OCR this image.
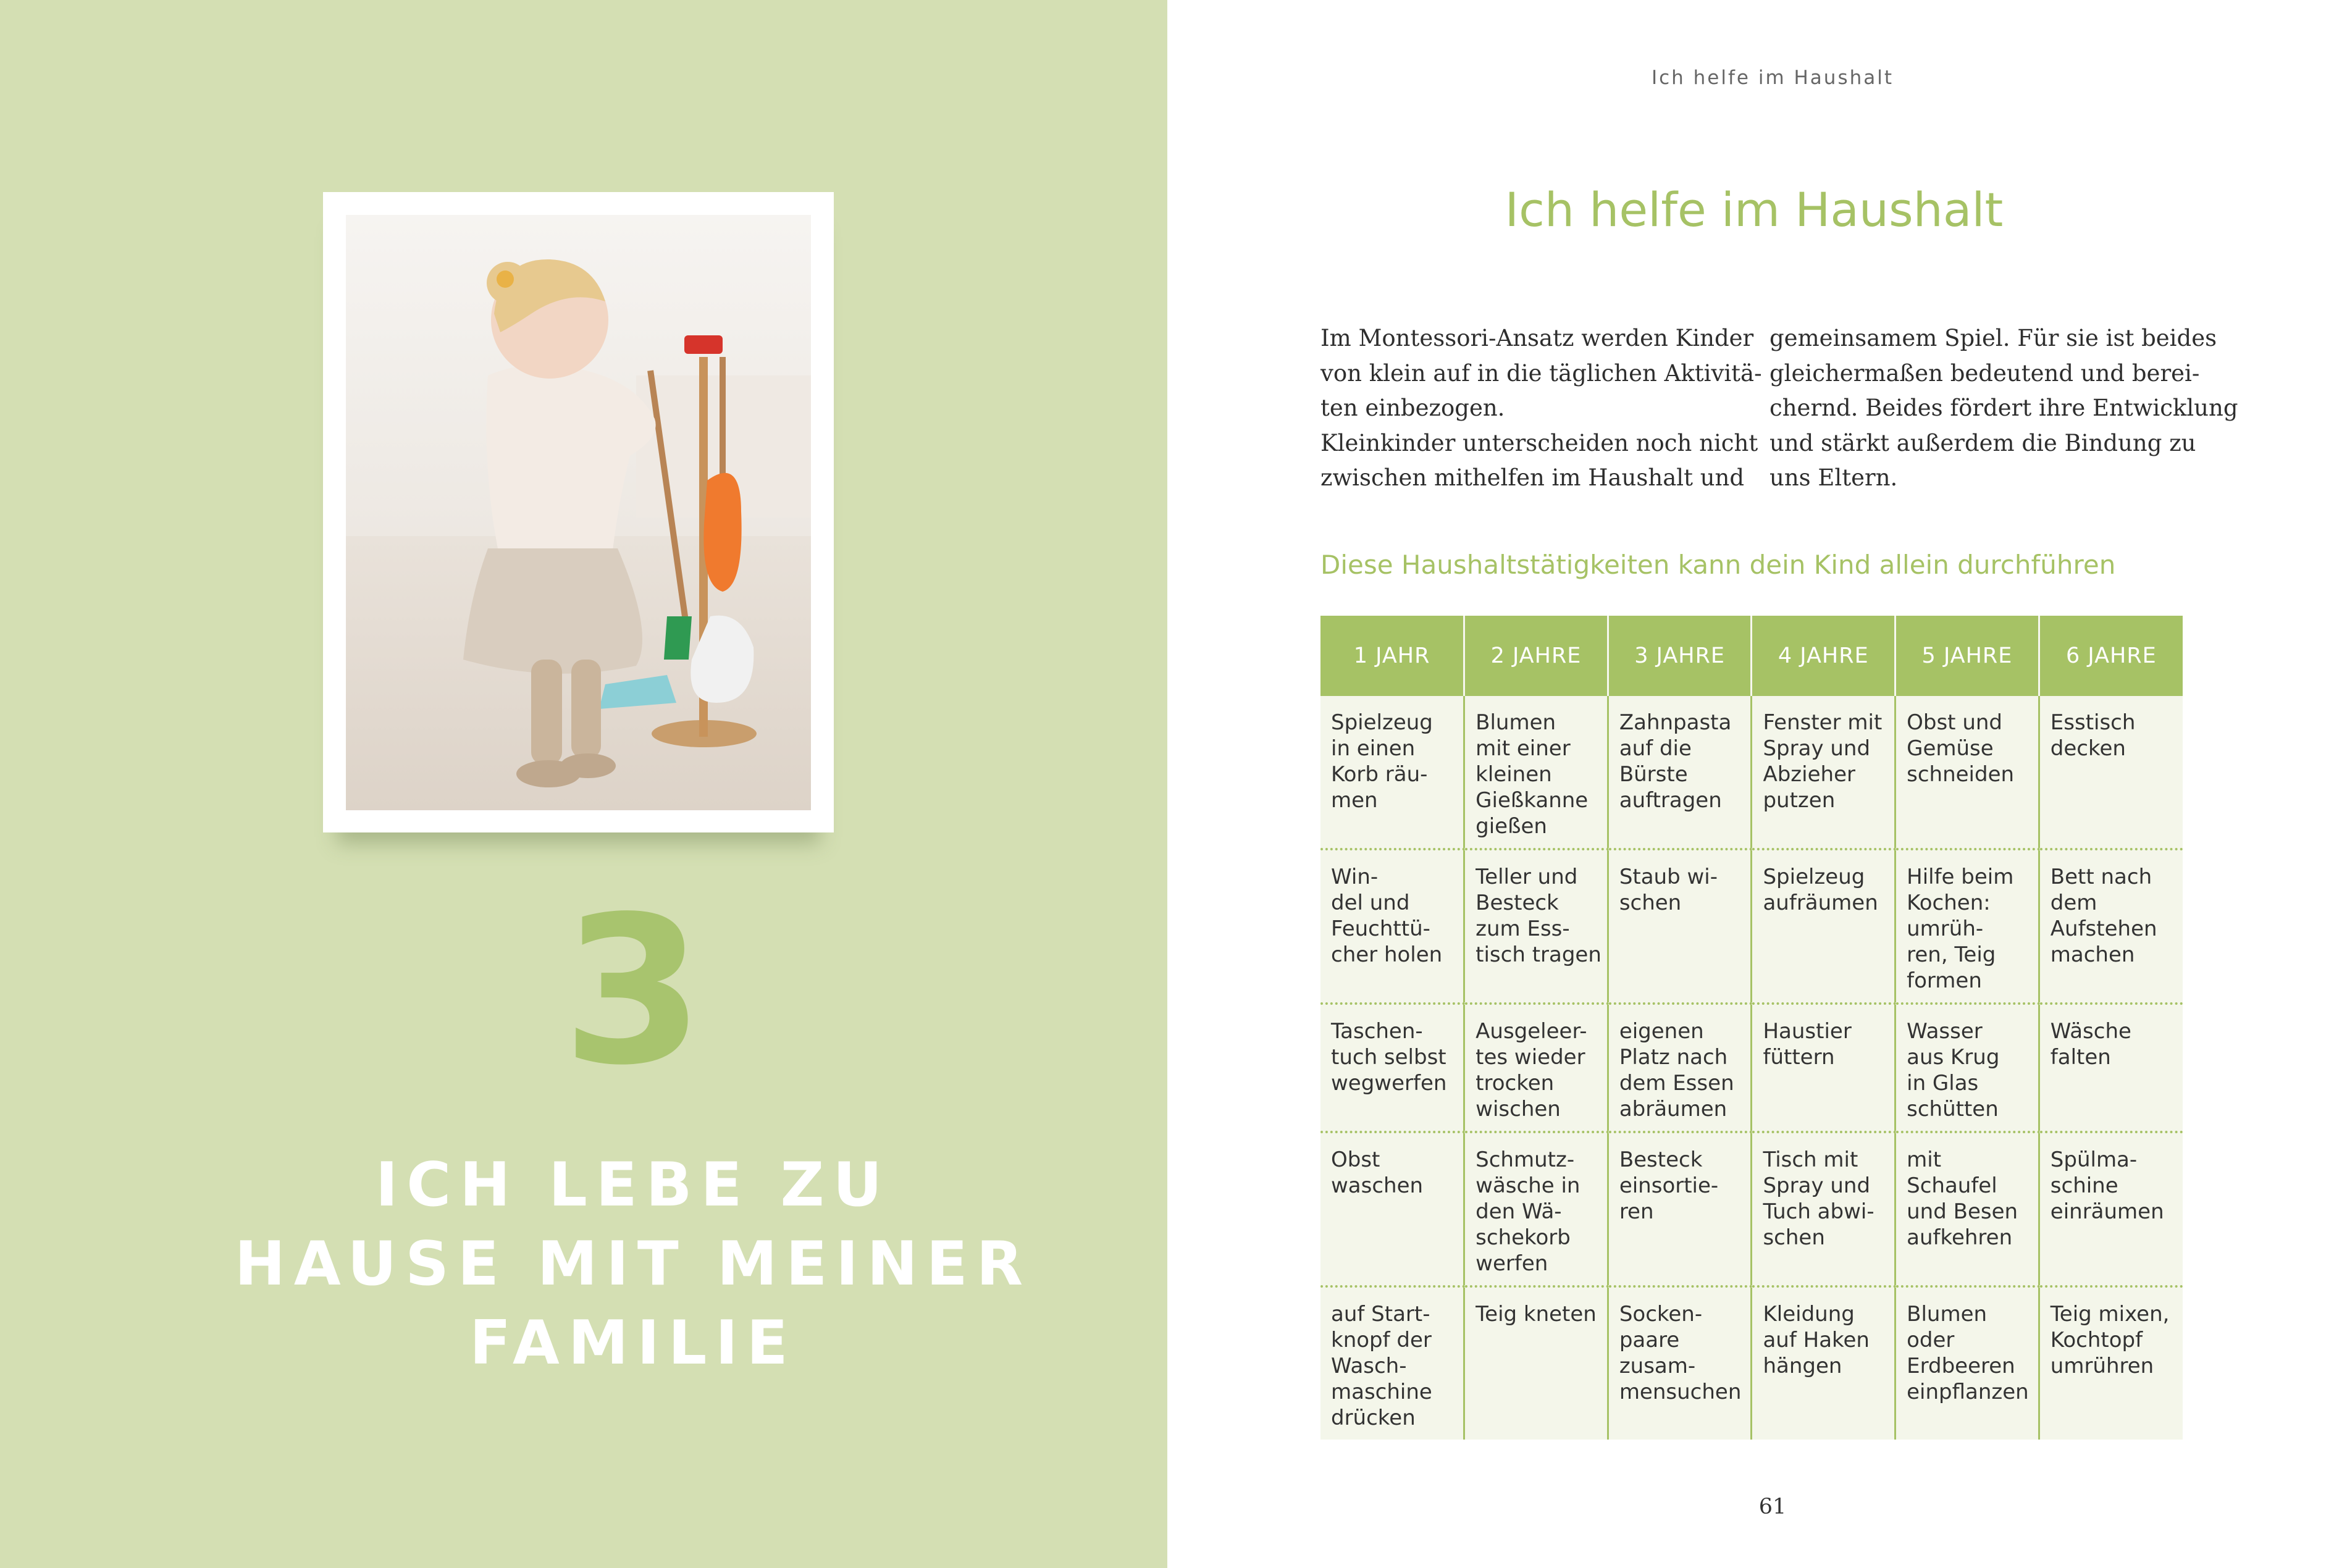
3
ICH LEBE ZU
HAUSE MIT MEINER
FAMILIE
Ich helfe im Haushalt
Ich helfe im Haushalt
Im Montessori-Ansatz werden Kinder
von klein auf in die täglichen Aktivitä-
ten einbezogen.
Kleinkinder unterscheiden noch nicht
zwischen mithelfen im Haushalt und
gemeinsamem Spiel. Für sie ist beides
gleichermaßen bedeutend und berei-
chernd. Beides fördert ihre Entwicklung
und stärkt außerdem die Bindung zu
uns Eltern.
Diese Haushaltstätigkeiten kann dein Kind allein durchführen
1 JAHR	2 JAHRE	3 JAHRE	4 JAHRE	5 JAHRE	6 JAHRE

Spielzeug
in einen
Korb räu-
men	Blumen
mit einer
kleinen
Gießkanne
gießen	Zahnpasta
auf die
Bürste
auftragen	Fenster mit
Spray und
Abzieher
putzen	Obst und
Gemüse
schneiden	Esstisch
decken

Win-
del und
Feuchttü-
cher holen	Teller und
Besteck
zum Ess-
tisch tragen	Staub wi-
schen	Spielzeug
aufräumen	Hilfe beim
Kochen:
umrüh-
ren, Teig
formen	Bett nach
dem
Aufstehen
machen

Taschen-
tuch selbst
wegwerfen	Ausgeleer-
tes wieder
trocken
wischen	eigenen
Platz nach
dem Essen
abräumen	Haustier
füttern	Wasser
aus Krug
in Glas
schütten	Wäsche
falten

Obst
waschen	Schmutz-
wäsche in
den Wä-
schekorb
werfen	Besteck
einsortie-
ren	Tisch mit
Spray und
Tuch abwi-
schen	mit
Schaufel
und Besen
aufkehren	Spülma-
schine
einräumen

auf Start-
knopf der
Wasch-
maschine
drücken	Teig kneten	Socken-
paare
zusam-
mensuchen	Kleidung
auf Haken
hängen	Blumen
oder
Erdbeeren
einpflanzen	Teig mixen,
Kochtopf
umrühren
61
